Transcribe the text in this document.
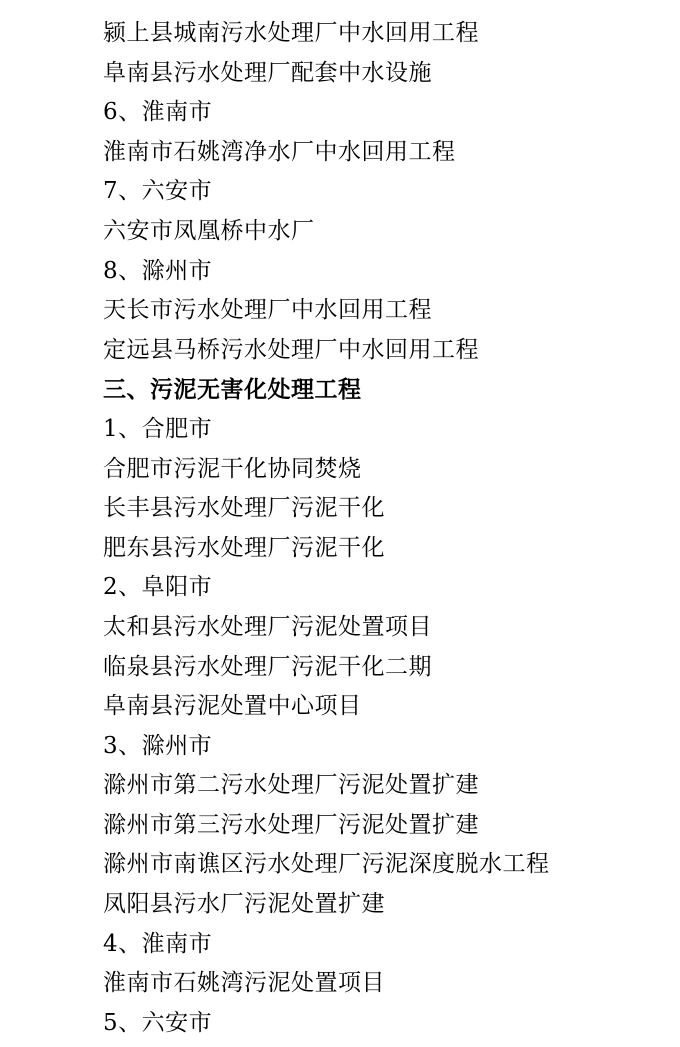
颍上县城南污水处理厂中水回用工程
阜南县污水处理厂配套中水设施
6、淮南市
淮南市石姚湾净水厂中水回用工程
7、六安市
六安市凤凰桥中水厂
8、滁州市
天长市污水处理厂中水回用工程
定远县马桥污水处理厂中水回用工程
三、污泥无害化处理工程
1、合肥市
合肥市污泥干化协同焚烧
长丰县污水处理厂污泥干化
肥东县污水处理厂污泥干化
2、阜阳市
太和县污水处理厂污泥处置项目
临泉县污水处理厂污泥干化二期
阜南县污泥处置中心项目
3、滁州市
滁州市第二污水处理厂污泥处置扩建
滁州市第三污水处理厂污泥处置扩建
滁州市南谯区污水处理厂污泥深度脱水工程
凤阳县污水厂污泥处置扩建
4、淮南市
淮南市石姚湾污泥处置项目
5、六安市
